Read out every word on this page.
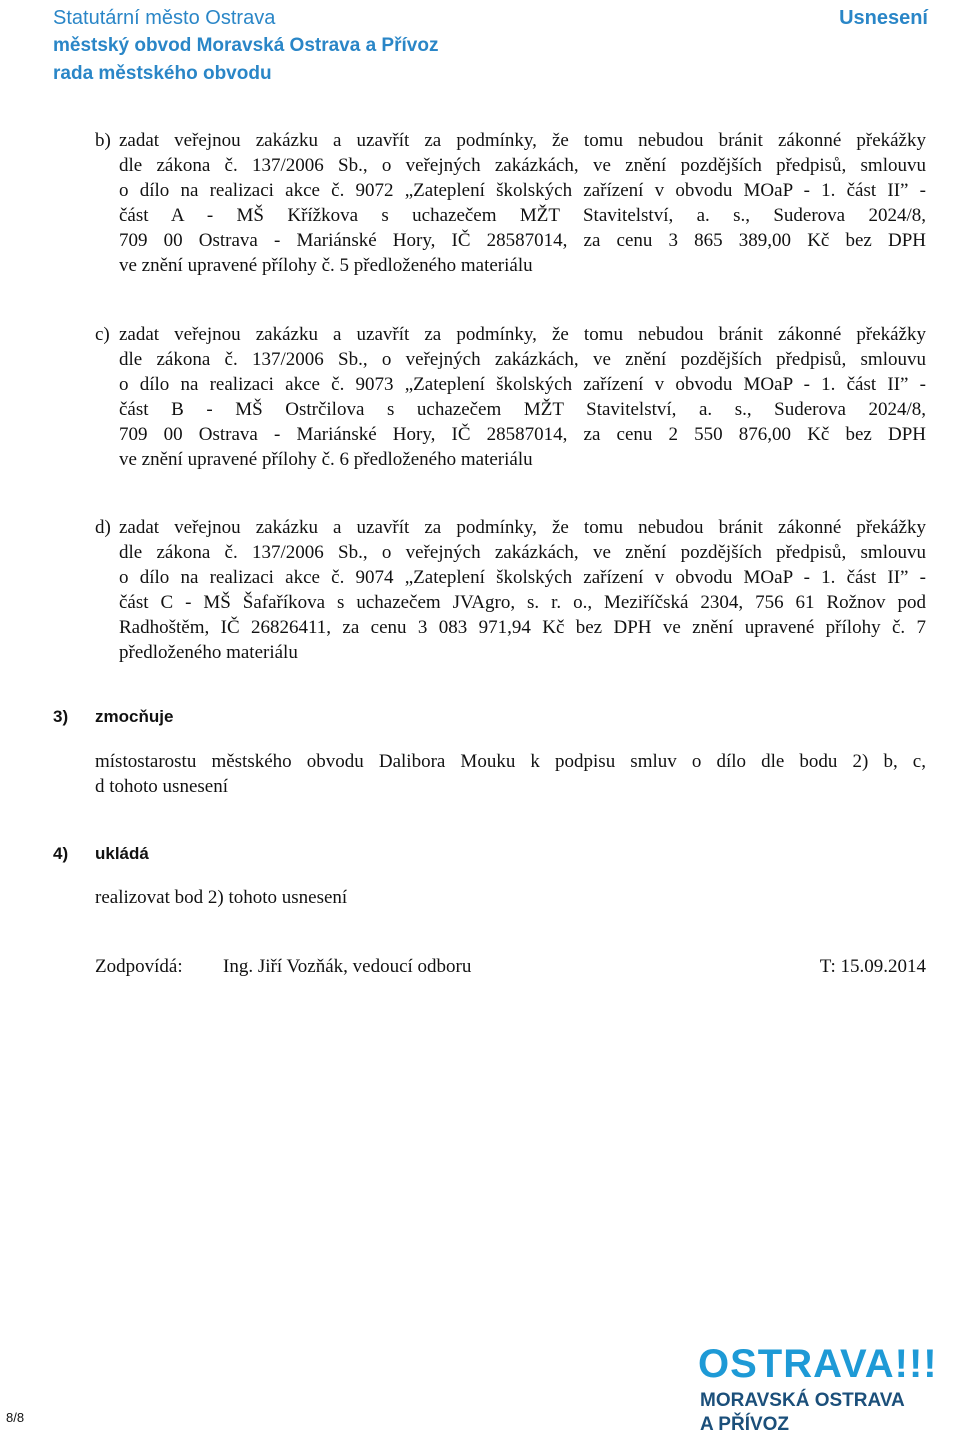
Statutární město Ostrava
městský obvod Moravská Ostrava a Přívoz
rada městského obvodu
Usnesení
b) zadat veřejnou zakázku a uzavřít za podmínky, že tomu nebudou bránit zákonné překážky
dle zákona č. 137/2006 Sb., o veřejných zakázkách, ve znění pozdějších předpisů, smlouvu
o dílo na realizaci akce č. 9072 „Zateplení školských zařízení v obvodu MOaP - 1. část II” -
část A - MŠ Křížkova s uchazečem MŽT Stavitelství, a. s., Suderova 2024/8,
709 00 Ostrava - Mariánské Hory, IČ 28587014, za cenu 3 865 389,00 Kč bez DPH
ve znění upravené přílohy č. 5 předloženého materiálu
c) zadat veřejnou zakázku a uzavřít za podmínky, že tomu nebudou bránit zákonné překážky
dle zákona č. 137/2006 Sb., o veřejných zakázkách, ve znění pozdějších předpisů, smlouvu
o dílo na realizaci akce č. 9073 „Zateplení školských zařízení v obvodu MOaP - 1. část II” -
část B - MŠ Ostrčilova s uchazečem MŽT Stavitelství, a. s., Suderova 2024/8,
709 00 Ostrava - Mariánské Hory, IČ 28587014, za cenu 2 550 876,00 Kč bez DPH
ve znění upravené přílohy č. 6 předloženého materiálu
d) zadat veřejnou zakázku a uzavřít za podmínky, že tomu nebudou bránit zákonné překážky
dle zákona č. 137/2006 Sb., o veřejných zakázkách, ve znění pozdějších předpisů, smlouvu
o dílo na realizaci akce č. 9074 „Zateplení školských zařízení v obvodu MOaP - 1. část II” -
část C - MŠ Šafaříkova s uchazečem JVAgro, s. r. o., Meziříčská 2304, 756 61 Rožnov pod
Radhoštěm, IČ 26826411, za cenu 3 083 971,94 Kč bez DPH ve znění upravené přílohy č. 7
předloženého materiálu
3) zmocňuje
místostarostu městského obvodu Dalibora Mouku k podpisu smluv o dílo dle bodu 2) b, c,
d tohoto usnesení
4) ukládá
realizovat bod 2) tohoto usnesení
Zodpovídá: Ing. Jiří Vozňák, vedoucí odboru	T: 15.09.2014
8/8
OSTRAVA!!!
MORAVSKÁ OSTRAVA
A PŘÍVOZ
